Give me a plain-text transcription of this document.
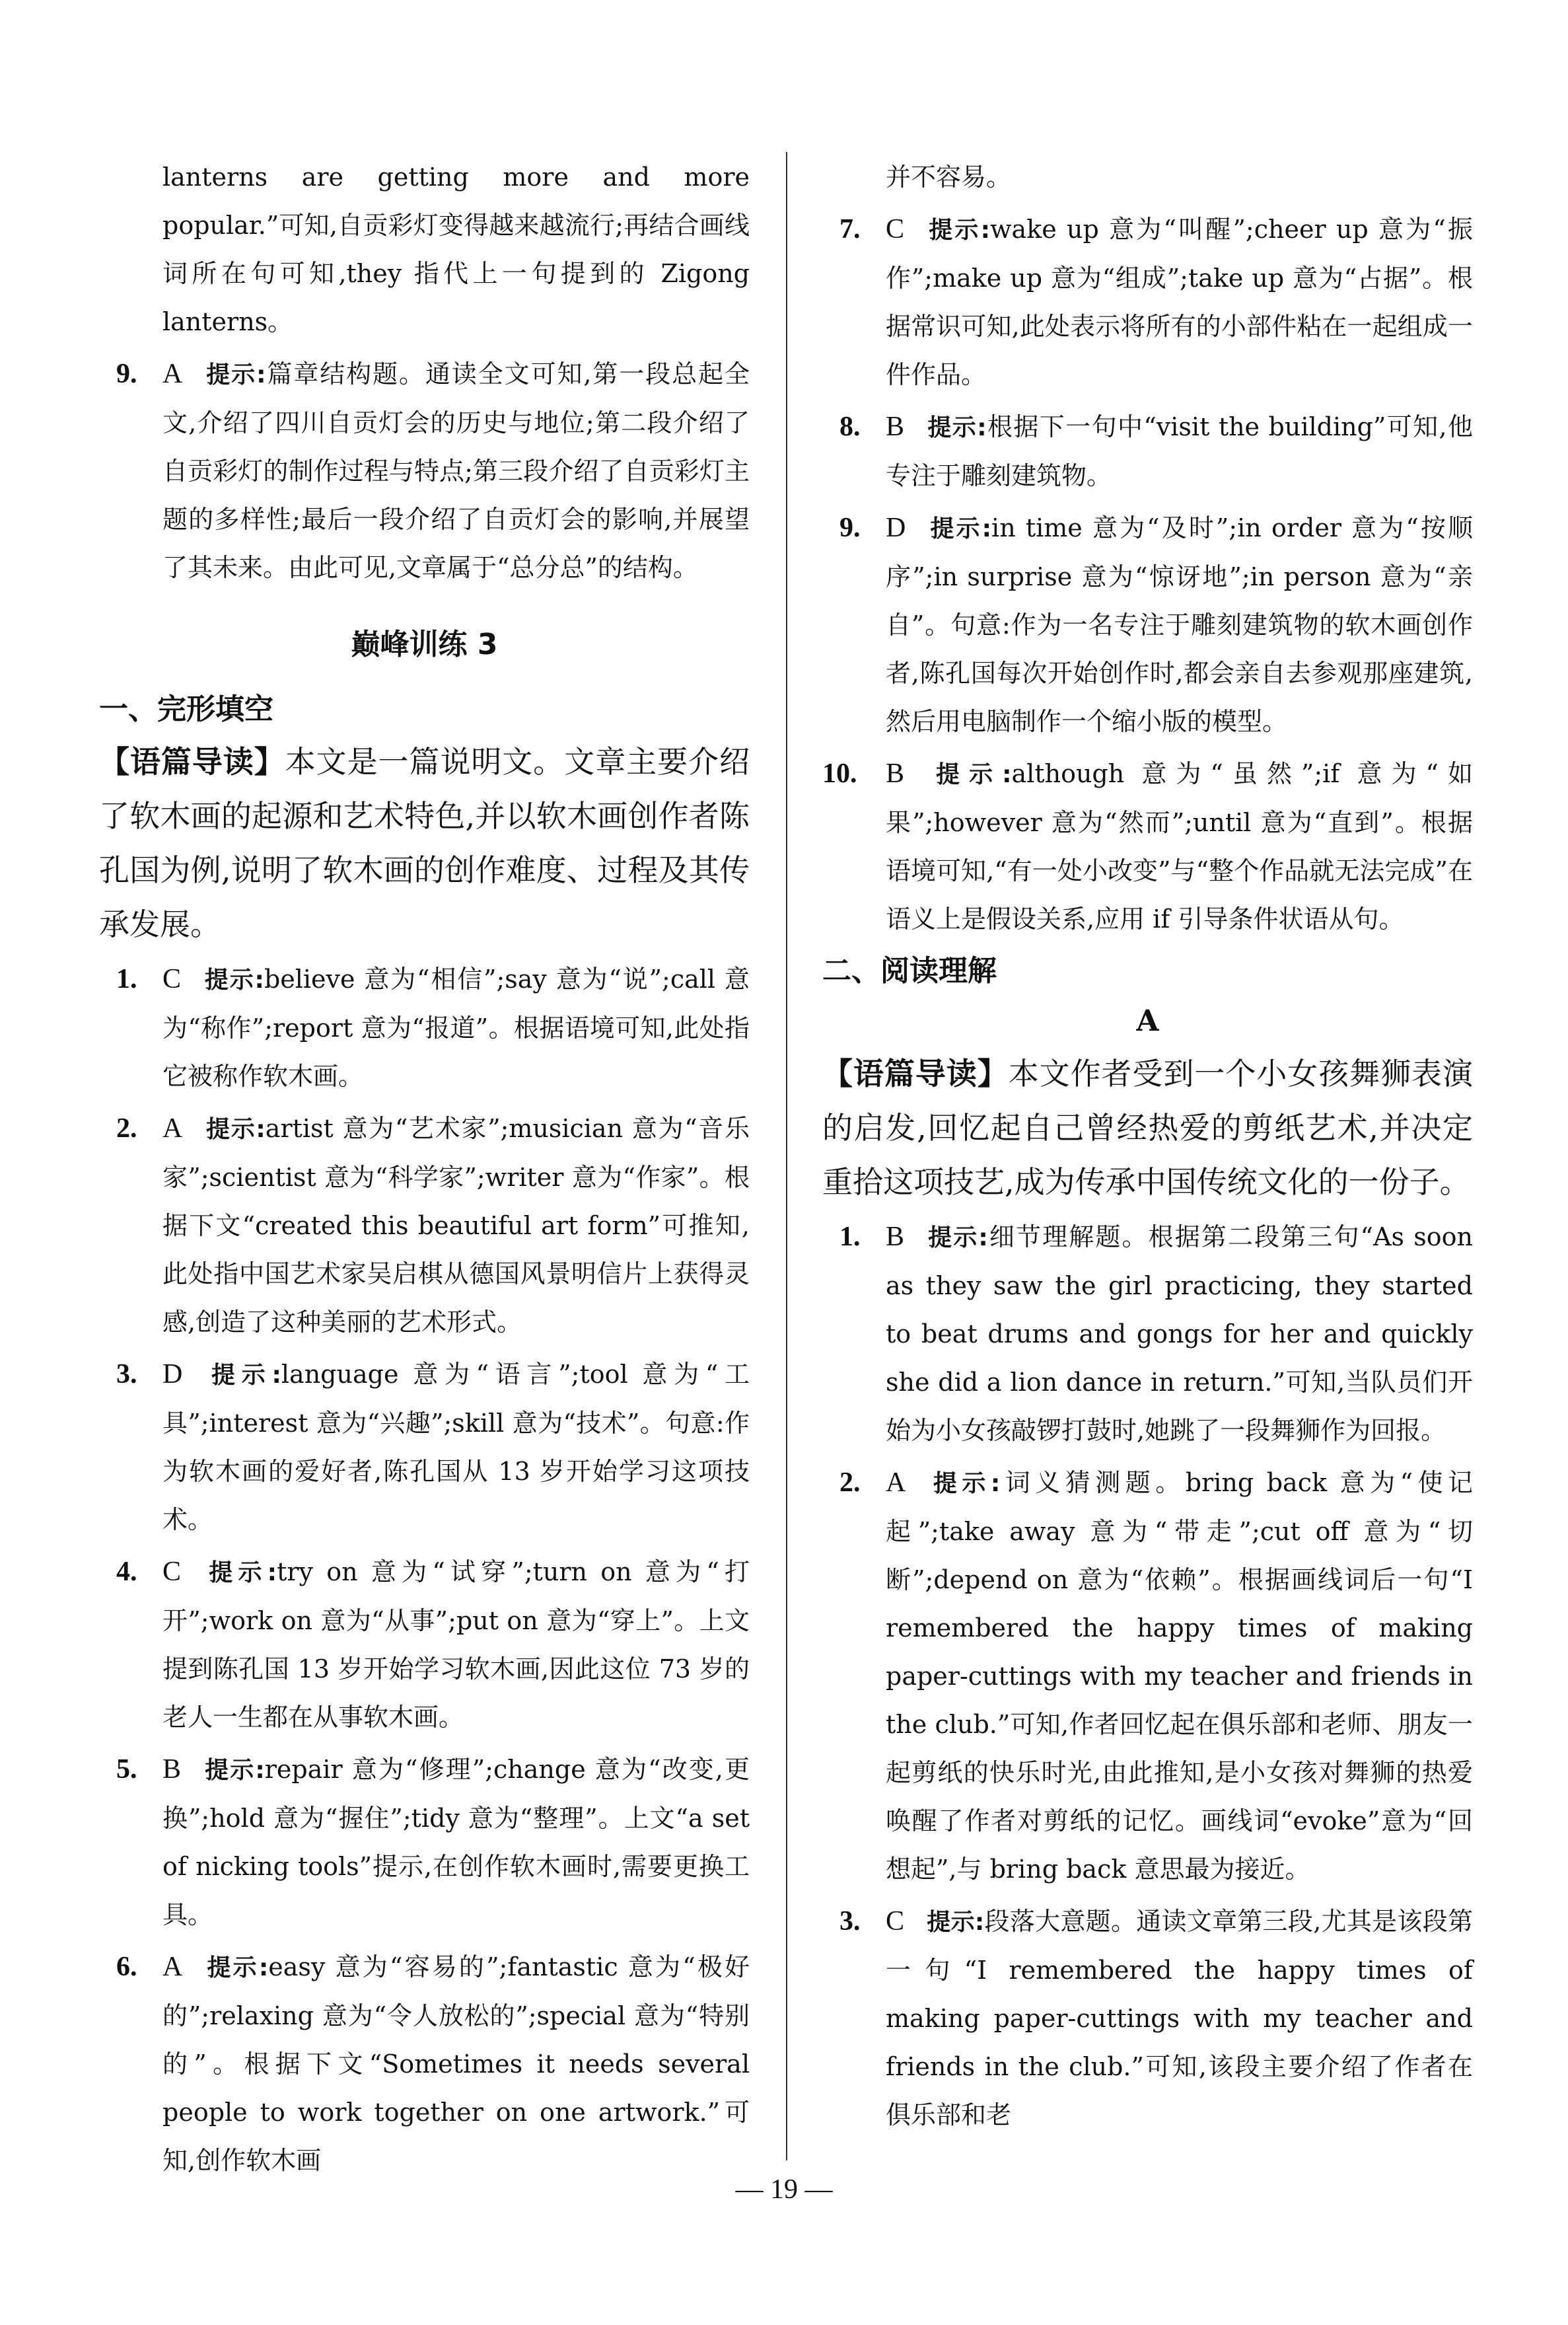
lanterns are getting more and more popular.”可知,自贡彩灯变得越来越流行;再结合画线词所在句可知,they 指代上一句提到的 Zigong lanterns。
9. A 提示:篇章结构题。通读全文可知,第一段总起全文,介绍了四川自贡灯会的历史与地位;第二段介绍了自贡彩灯的制作过程与特点;第三段介绍了自贡彩灯主题的多样性;最后一段介绍了自贡灯会的影响,并展望了其未来。由此可见,文章属于“总分总”的结构。
巅峰训练 3
一、完形填空
【语篇导读】本文是一篇说明文。文章主要介绍了软木画的起源和艺术特色,并以软木画创作者陈孔国为例,说明了软木画的创作难度、过程及其传承发展。
1. C 提示:believe 意为“相信”;say 意为“说”;call 意为“称作”;report 意为“报道”。根据语境可知,此处指它被称作软木画。
2. A 提示:artist 意为“艺术家”;musician 意为“音乐家”;scientist 意为“科学家”;writer 意为“作家”。根据下文“created this beautiful art form”可推知,此处指中国艺术家吴启棋从德国风景明信片上获得灵感,创造了这种美丽的艺术形式。
3. D 提示:language 意为“语言”;tool 意为“工具”;interest 意为“兴趣”;skill 意为“技术”。句意:作为软木画的爱好者,陈孔国从 13 岁开始学习这项技术。
4. C 提示:try on 意为“试穿”;turn on 意为“打开”;work on 意为“从事”;put on 意为“穿上”。上文提到陈孔国 13 岁开始学习软木画,因此这位 73 岁的老人一生都在从事软木画。
5. B 提示:repair 意为“修理”;change 意为“改变,更换”;hold 意为“握住”;tidy 意为“整理”。上文“a set of nicking tools”提示,在创作软木画时,需要更换工具。
6. A 提示:easy 意为“容易的”;fantastic 意为“极好的”;relaxing 意为“令人放松的”;special 意为“特别的”。根据下文“Sometimes it needs several people to work together on one artwork.”可知,创作软木画
并不容易。
7. C 提示:wake up 意为“叫醒”;cheer up 意为“振作”;make up 意为“组成”;take up 意为“占据”。根据常识可知,此处表示将所有的小部件粘在一起组成一件作品。
8. B 提示:根据下一句中“visit the building”可知,他专注于雕刻建筑物。
9. D 提示:in time 意为“及时”;in order 意为“按顺序”;in surprise 意为“惊讶地”;in person 意为“亲自”。句意:作为一名专注于雕刻建筑物的软木画创作者,陈孔国每次开始创作时,都会亲自去参观那座建筑,然后用电脑制作一个缩小版的模型。
10. B 提示:although 意为“虽然”;if 意为“如果”;however 意为“然而”;until 意为“直到”。根据语境可知,“有一处小改变”与“整个作品就无法完成”在语义上是假设关系,应用 if 引导条件状语从句。
二、阅读理解
A
【语篇导读】本文作者受到一个小女孩舞狮表演的启发,回忆起自己曾经热爱的剪纸艺术,并决定重拾这项技艺,成为传承中国传统文化的一份子。
1. B 提示:细节理解题。根据第二段第三句“As soon as they saw the girl practicing, they started to beat drums and gongs for her and quickly she did a lion dance in return.”可知,当队员们开始为小女孩敲锣打鼓时,她跳了一段舞狮作为回报。
2. A 提示:词义猜测题。bring back 意为“使记起”;take away 意为“带走”;cut off 意为“切断”;depend on 意为“依赖”。根据画线词后一句“I remembered the happy times of making paper-cuttings with my teacher and friends in the club.”可知,作者回忆起在俱乐部和老师、朋友一起剪纸的快乐时光,由此推知,是小女孩对舞狮的热爱唤醒了作者对剪纸的记忆。画线词“evoke”意为“回想起”,与 bring back 意思最为接近。
3. C 提示:段落大意题。通读文章第三段,尤其是该段第一句“I remembered the happy times of making paper-cuttings with my teacher and friends in the club.”可知,该段主要介绍了作者在俱乐部和老
— 19 —
